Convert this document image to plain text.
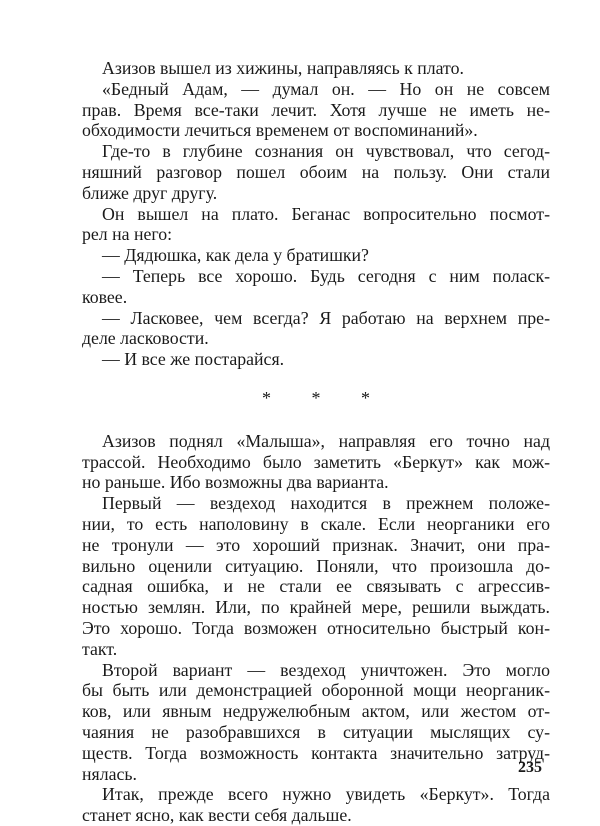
Азизов вышел из хижины, направляясь к плато.
«Бедный Адам, — думал он. — Но он не совсем
прав. Время все-таки лечит. Хотя лучше не иметь не-
обходимости лечиться временем от воспоминаний».
Где-то в глубине сознания он чувствовал, что сегод-
няшний разговор пошел обоим на пользу. Они стали
ближе друг другу.
Он вышел на плато. Беганас вопросительно посмот-
рел на него:
— Дядюшка, как дела у братишки?
— Теперь все хорошо. Будь сегодня с ним поласк-
ковее.
— Ласковее, чем всегда? Я работаю на верхнем пре-
деле ласковости.
— И все же постарайся.
* * *
Азизов поднял «Малыша», направляя его точно над
трассой. Необходимо было заметить «Беркут» как мож-
но раньше. Ибо возможны два варианта.
Первый — вездеход находится в прежнем положе-
нии, то есть наполовину в скале. Если неорганики его
не тронули — это хороший признак. Значит, они пра-
вильно оценили ситуацию. Поняли, что произошла до-
садная ошибка, и не стали ее связывать с агрессив-
ностью землян. Или, по крайней мере, решили выждать.
Это хорошо. Тогда возможен относительно быстрый кон-
такт.
Второй вариант — вездеход уничтожен. Это могло
бы быть или демонстрацией оборонной мощи неорганик-
ков, или явным недружелюбным актом, или жестом от-
чаяния не разобравшихся в ситуации мыслящих су-
ществ. Тогда возможность контакта значительно затруд-
нялась.
Итак, прежде всего нужно увидеть «Беркут». Тогда
станет ясно, как вести себя дальше.
235
